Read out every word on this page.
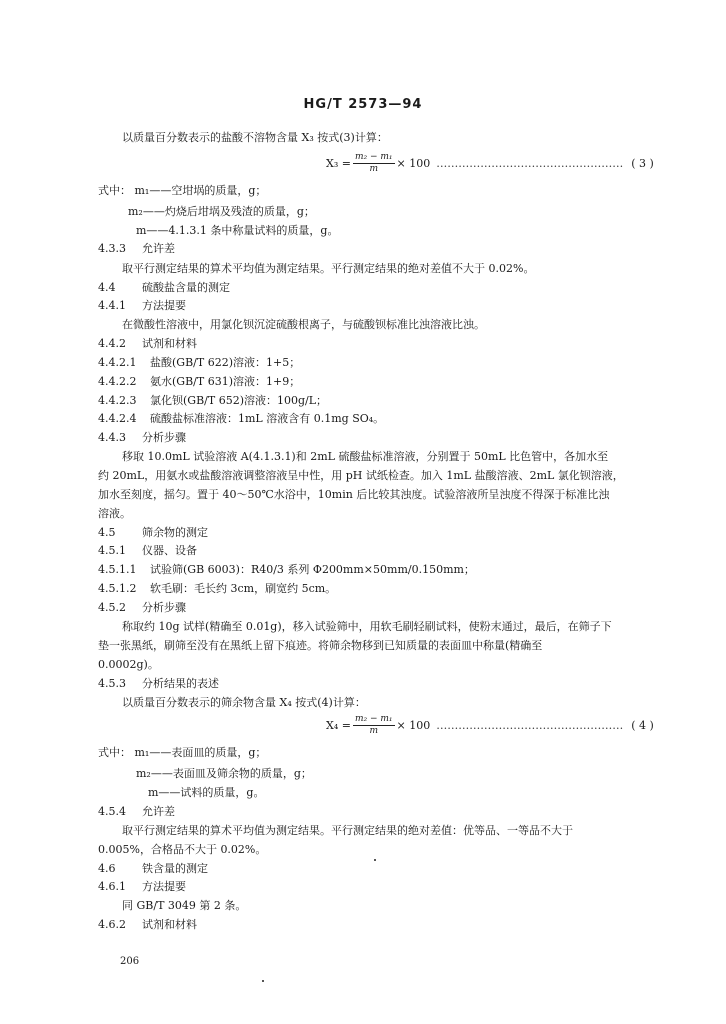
HG/T 2573—94
以质量百分数表示的盐酸不溶物含量 X₃ 按式(3)计算：
$X_3 = \frac{\text{m₂ − m₁}}{m} \times 100$ …………………………………………… ( 3 )
式中： m₁——空坩埚的质量，g；
m₂——灼烧后坩埚及残渣的质量，g；
m——4.1.3.1 条中称量试料的质量，g。
4.3.3 允许差
取平行测定结果的算术平均值为测定结果。平行测定结果的绝对差值不大于 0.02%。
4.4 硫酸盐含量的测定
4.4.1 方法提要
在微酸性溶液中，用氯化钡沉淀硫酸根离子，与硫酸钡标准比浊溶液比浊。
4.4.2 试剂和材料
4.4.2.1 盐酸(GB/T 622)溶液：1+5；
4.4.2.2 氨水(GB/T 631)溶液：1+9；
4.4.2.3 氯化钡(GB/T 652)溶液：100g/L；
4.4.2.4 硫酸盐标准溶液：1mL 溶液含有 0.1mg SO₄。
4.4.3 分析步骤
移取 10.0mL 试验溶液 A(4.1.3.1)和 2mL 硫酸盐标准溶液，分别置于 50mL 比色管中，各加水至
约 20mL，用氨水或盐酸溶液调整溶液呈中性，用 pH 试纸检查。加入 1mL 盐酸溶液、2mL 氯化钡溶液，
加水至刻度，摇匀。置于 40～50℃水浴中，10min 后比较其浊度。试验溶液所呈浊度不得深于标准比浊
溶液。
4.5 筛余物的测定
4.5.1 仪器、设备
4.5.1.1 试验筛(GB 6003)：R40/3 系列 Φ200mm×50mm/0.150mm；
4.5.1.2 软毛刷：毛长约 3cm，刷宽约 5cm。
4.5.2 分析步骤
称取约 10g 试样(精确至 0.01g)，移入试验筛中，用软毛刷轻刷试料，使粉末通过，最后，在筛子下
垫一张黑纸，刷筛至没有在黑纸上留下痕迹。将筛余物移到已知质量的表面皿中称量(精确至
0.0002g)。
4.5.3 分析结果的表述
以质量百分数表示的筛余物含量 X₄ 按式(4)计算：
$X_4 = \frac{\text{m₂ − m₁}}{m} \times 100$ …………………………………………… ( 4 )
式中： m₁——表面皿的质量，g；
m₂——表面皿及筛余物的质量，g；
m——试料的质量，g。
4.5.4 允许差
取平行测定结果的算术平均值为测定结果。平行测定结果的绝对差值：优等品、一等品不大于
0.005%，合格品不大于 0.02%。
4.6 铁含量的测定
4.6.1 方法提要
同 GB/T 3049 第 2 条。
4.6.2 试剂和材料
206
